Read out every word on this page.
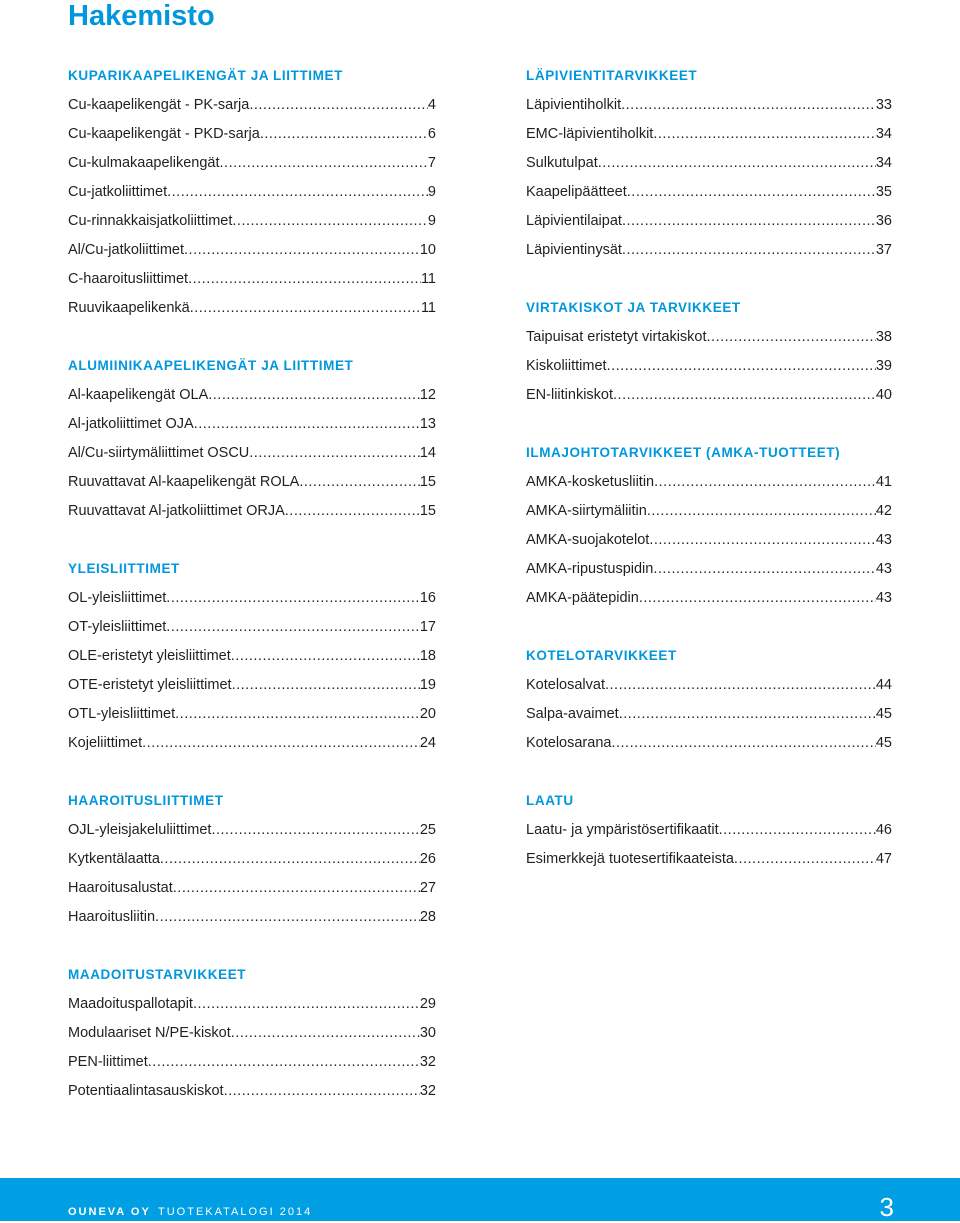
Hakemisto
KUPARIKAAPELIKENGÄT JA LIITTIMET
Cu-kaapelikengät - PK-sarja .....	4
Cu-kaapelikengät - PKD-sarja .....	6
Cu-kulmakaapelikengät .....	7
Cu-jatkoliittimet .....	9
Cu-rinnakkaisjatkoliittimet .....	9
Al/Cu-jatkoliittimet .....	10
C-haaroitusliittimet .....	11
Ruuvikaapelikenkä .....	11
ALUMIINIKAAPELIKENGÄT JA LIITTIMET
Al-kaapelikengät OLA .....	12
Al-jatkoliittimet OJA .....	13
Al/Cu-siirtymäliittimet OSCU .....	14
Ruuvattavat Al-kaapelikengät ROLA .....	15
Ruuvattavat Al-jatkoliittimet ORJA .....	15
YLEISLIITTIMET
OL-yleisliittimet .....	16
OT-yleisliittimet .....	17
OLE-eristetyt yleisliittimet .....	18
OTE-eristetyt yleisliittimet .....	19
OTL-yleisliittimet .....	20
Kojeliittimet .....	24
HAAROITUSLIITTIMET
OJL-yleisjakeluliittimet .....	25
Kytkentälaatta .....	26
Haaroitusalustat .....	27
Haaroitusliitin .....	28
MAADOITUSTARVIKKEET
Maadoituspallotapit .....	29
Modulaariset N/PE-kiskot .....	30
PEN-liittimet .....	32
Potentiaalintasauskiskot .....	32
LÄPIVIENTITARVIKKEET
Läpivientiholkit .....	33
EMC-läpivientiholkit .....	34
Sulkutulpat .....	34
Kaapelipäätteet .....	35
Läpivientilaipat .....	36
Läpivientinysät .....	37
VIRTAKISKOT JA TARVIKKEET
Taipuisat eristetyt virtakiskot .....	38
Kiskoliittimet .....	39
EN-liitinkiskot .....	40
ILMAJOHTOTARVIKKEET (AMKA-TUOTTEET)
AMKA-kosketusliitin .....	41
AMKA-siirtymäliitin .....	42
AMKA-suojakotelot .....	43
AMKA-ripustuspidin .....	43
AMKA-päätepidin .....	43
KOTELOTARVIKKEET
Kotelosalvat .....	44
Salpa-avaimet .....	45
Kotelosarana .....	45
LAATU
Laatu- ja ympäristösertifikaatit .....	46
Esimerkkejä tuotesertifikaateista .....	47
OUNEVA OY TUOTEKATALOGI 2014	3
